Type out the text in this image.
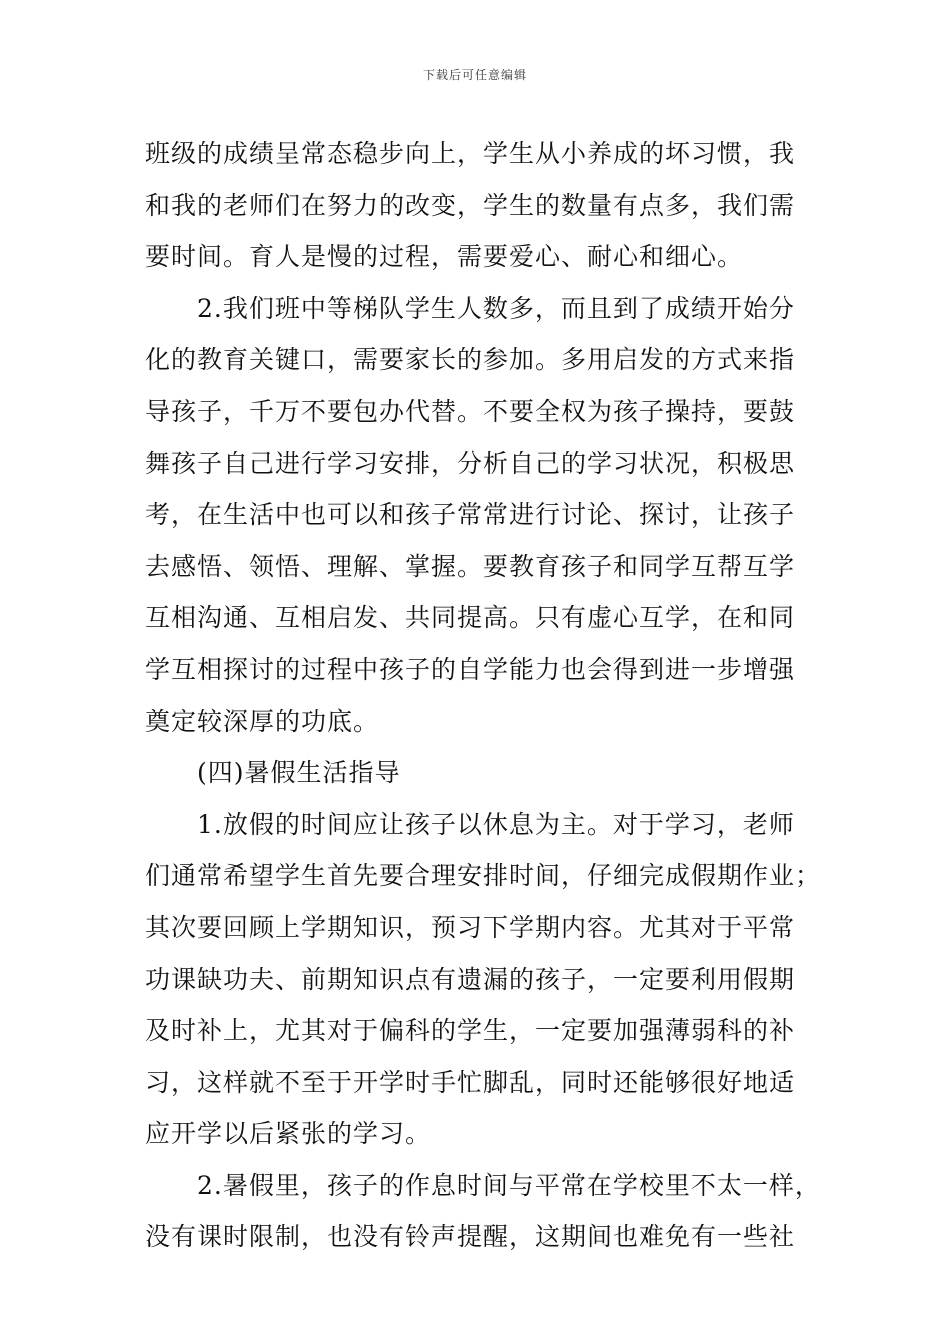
下载后可任意编辑
班级的成绩呈常态稳步向上，学生从小养成的坏习惯，我
和我的老师们在努力的改变，学生的数量有点多，我们需
要时间。育人是慢的过程，需要爱心、耐心和细心。
2.我们班中等梯队学生人数多，而且到了成绩开始分
化的教育关键口，需要家长的参加。多用启发的方式来指
导孩子，千万不要包办代替。不要全权为孩子操持，要鼓
舞孩子自己进行学习安排，分析自己的学习状况，积极思
考，在生活中也可以和孩子常常进行讨论、探讨，让孩子
去感悟、领悟、理解、掌握。要教育孩子和同学互帮互学
互相沟通、互相启发、共同提高。只有虚心互学，在和同
学互相探讨的过程中孩子的自学能力也会得到进一步增强
奠定较深厚的功底。
(四)暑假生活指导
1.放假的时间应让孩子以休息为主。对于学习，老师
们通常希望学生首先要合理安排时间，仔细完成假期作业；
其次要回顾上学期知识，预习下学期内容。尤其对于平常
功课缺功夫、前期知识点有遗漏的孩子，一定要利用假期
及时补上，尤其对于偏科的学生，一定要加强薄弱科的补
习，这样就不至于开学时手忙脚乱，同时还能够很好地适
应开学以后紧张的学习。
2.暑假里，孩子的作息时间与平常在学校里不太一样，
没有课时限制，也没有铃声提醒，这期间也难免有一些社
